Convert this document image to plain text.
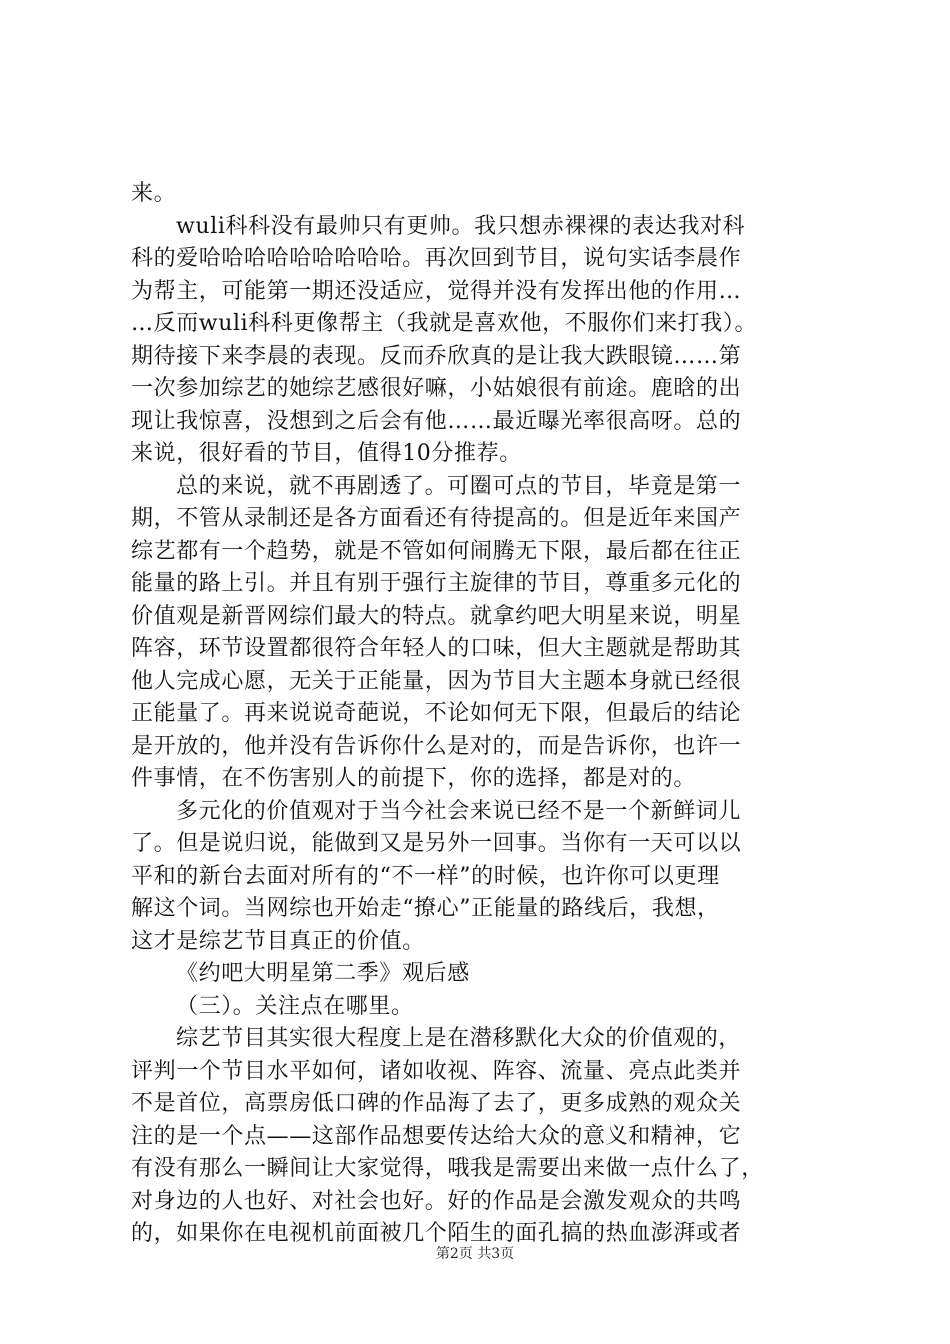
来。
wuli科科没有最帅只有更帅。我只想赤裸裸的表达我对科
科的爱哈哈哈哈哈哈哈哈哈。再次回到节目，说句实话李晨作
为帮主，可能第一期还没适应，觉得并没有发挥出他的作用…
…反而wuli科科更像帮主（我就是喜欢他，不服你们来打我）。
期待接下来李晨的表现。反而乔欣真的是让我大跌眼镜……第
一次参加综艺的她综艺感很好嘛，小姑娘很有前途。鹿晗的出
现让我惊喜，没想到之后会有他……最近曝光率很高呀。总的
来说，很好看的节目，值得10分推荐。
总的来说，就不再剧透了。可圈可点的节目，毕竟是第一
期，不管从录制还是各方面看还有待提高的。但是近年来国产
综艺都有一个趋势，就是不管如何闹腾无下限，最后都在往正
能量的路上引。并且有别于强行主旋律的节目，尊重多元化的
价值观是新晋网综们最大的特点。就拿约吧大明星来说，明星
阵容，环节设置都很符合年轻人的口味，但大主题就是帮助其
他人完成心愿，无关于正能量，因为节目大主题本身就已经很
正能量了。再来说说奇葩说，不论如何无下限，但最后的结论
是开放的，他并没有告诉你什么是对的，而是告诉你，也许一
件事情，在不伤害别人的前提下，你的选择，都是对的。
多元化的价值观对于当今社会来说已经不是一个新鲜词儿
了。但是说归说，能做到又是另外一回事。当你有一天可以以
平和的新台去面对所有的“不一样”的时候，也许你可以更理
解这个词。当网综也开始走“撩心”正能量的路线后，我想，
这才是综艺节目真正的价值。
《约吧大明星第二季》观后感
（三）。关注点在哪里。
综艺节目其实很大程度上是在潜移默化大众的价值观的，
评判一个节目水平如何，诸如收视、阵容、流量、亮点此类并
不是首位，高票房低口碑的作品海了去了，更多成熟的观众关
注的是一个点——这部作品想要传达给大众的意义和精神，它
有没有那么一瞬间让大家觉得，哦我是需要出来做一点什么了，
对身边的人也好、对社会也好。好的作品是会激发观众的共鸣
的，如果你在电视机前面被几个陌生的面孔搞的热血澎湃或者
第2页 共3页
